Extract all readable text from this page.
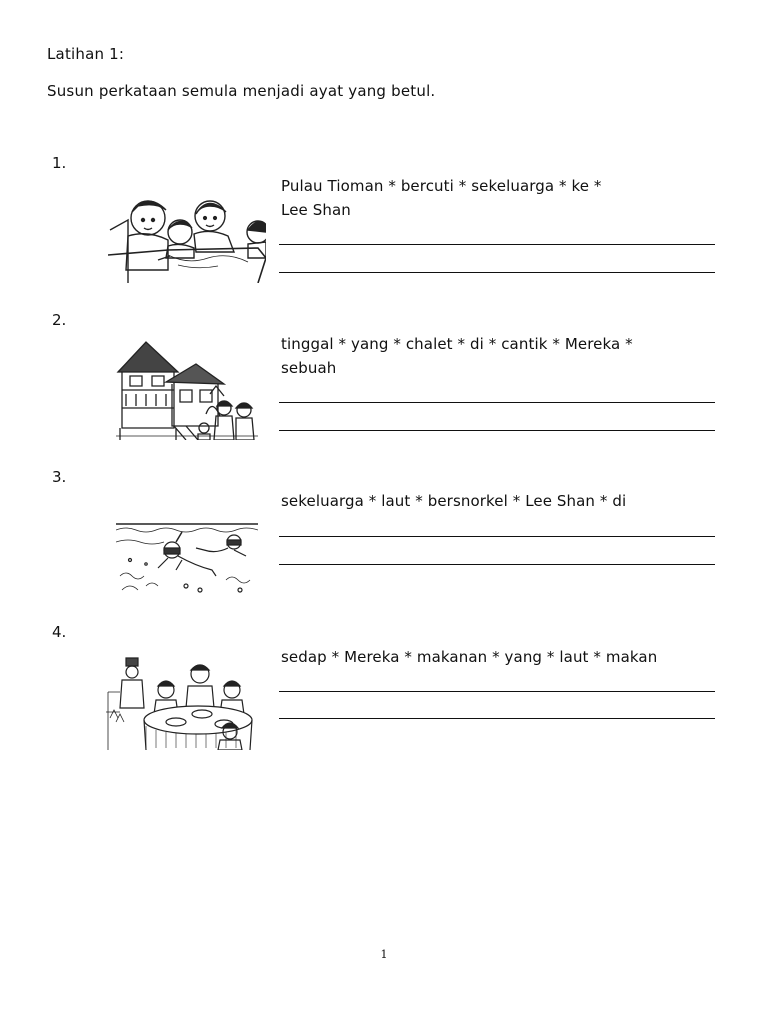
Latihan 1:
Susun perkataan semula menjadi ayat yang betul.
1.
Pulau Tioman * bercuti * sekeluarga * ke *
Lee Shan
2.
tinggal * yang * chalet * di * cantik * Mereka *
sebuah
3.
sekeluarga * laut * bersnorkel * Lee Shan * di
4.
sedap * Mereka * makanan * yang * laut * makan
1
